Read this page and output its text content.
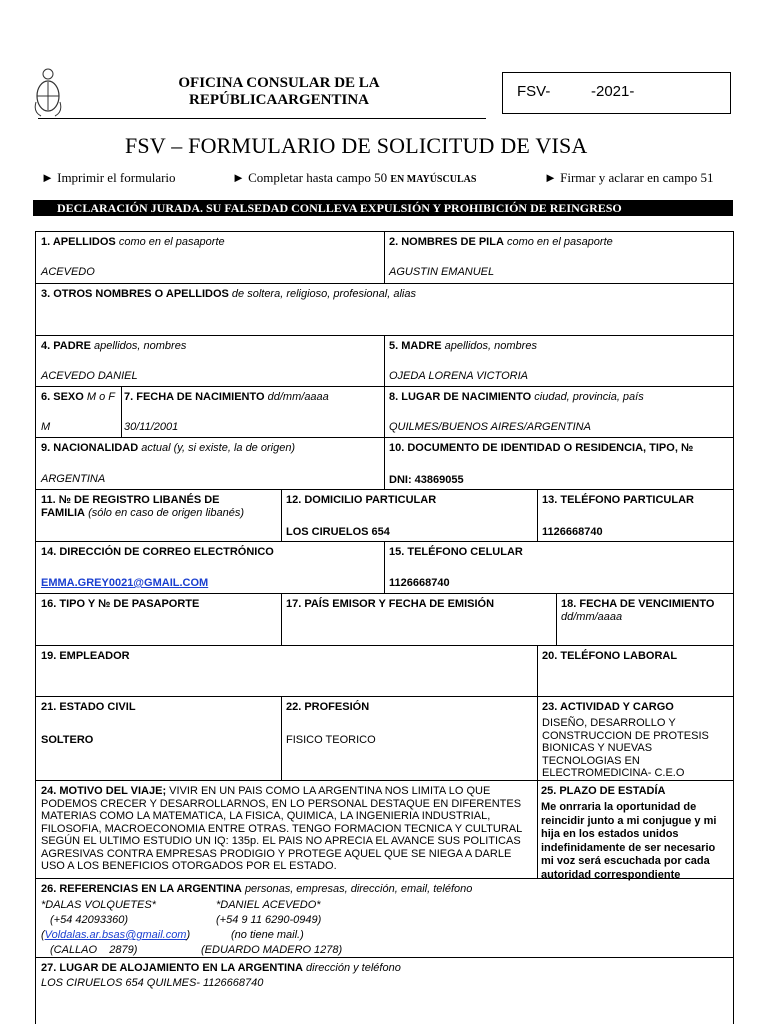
OFICINA CONSULAR DE LA
REPÚBLICAARGENTINA	FSV-	-2021-
FSV – FORMULARIO DE SOLICITUD DE VISA
► Imprimir el formulario	► Completar hasta campo 50 EN MAYÚSCULAS	► Firmar y aclarar en campo 51
DECLARACIÓN JURADA. SU FALSEDAD CONLLEVA EXPULSIÓN Y PROHIBICIÓN DE REINGRESO
1. APELLIDOS como en el pasaporte
ACEVEDO
2. NOMBRES DE PILA como en el pasaporte
AGUSTIN EMANUEL
3. OTROS NOMBRES O APELLIDOS de soltera, religioso, profesional, alias
4. PADRE apellidos, nombres
ACEVEDO DANIEL
5. MADRE apellidos, nombres
OJEDA LORENA VICTORIA
6. SEXO M o F
M
7. FECHA DE NACIMIENTO dd/mm/aaaa
30/11/2001
8. LUGAR DE NACIMIENTO ciudad, provincia, país
QUILMES/BUENOS AIRES/ARGENTINA
9. NACIONALIDAD actual (y, si existe, la de origen)
ARGENTINA
10. DOCUMENTO DE IDENTIDAD O RESIDENCIA, TIPO, №
DNI: 43869055
11. № DE REGISTRO LIBANÉS DE
FAMILIA (sólo en caso de origen libanés)
12. DOMICILIO PARTICULAR
LOS CIRUELOS 654
13. TELÉFONO PARTICULAR
1126668740
14. DIRECCIÓN DE CORREO ELECTRÓNICO
EMMA.GREY0021@GMAIL.COM
15. TELÉFONO CELULAR
1126668740
16. TIPO Y № DE PASAPORTE	17. PAÍS EMISOR Y FECHA DE EMISIÓN	18. FECHA DE VENCIMIENTO
dd/mm/aaaa
19. EMPLEADOR	20. TELÉFONO LABORAL
21. ESTADO CIVIL
SOLTERO
22. PROFESIÓN
FISICO TEORICO
23. ACTIVIDAD Y CARGO
DISEÑO, DESARROLLO Y
CONSTRUCCION DE PROTESIS
BIONICAS Y NUEVAS
TECNOLOGIAS EN
ELECTROMEDICINA- C.E.O
24. MOTIVO DEL VIAJE; VIVIR EN UN PAIS COMO LA ARGENTINA NOS LIMITA LO QUE PODEMOS CRECER Y DESARROLLARNOS, EN LO PERSONAL DESTAQUE EN DIFERENTES MATERIAS COMO LA MATEMATICA, LA FISICA, QUIMICA, LA INGENIERIA INDUSTRIAL, FILOSOFIA, MACROECONOMIA ENTRE OTRAS. TENGO FORMACION TECNICA Y CULTURAL SEGÚN EL ULTIMO ESTUDIO UN IQ: 135p. EL PAIS NO APRECIA EL AVANCE SUS POLITICAS AGRESIVAS CONTRA EMPRESAS PRODIGIO Y PROTEGE AQUEL QUE SE NIEGA A DARLE USO A LOS BENEFICIOS OTORGADOS POR EL ESTADO.
25. PLAZO DE ESTADÍA
Me onrraria la oportunidad de
reincidir junto a mi conjugue y mi
hija en los estados unidos
indefinidamente de ser necesario
mi voz será escuchada por cada
autoridad correspondiente
26. REFERENCIAS EN LA ARGENTINA personas, empresas, dirección, email, teléfono
*DALAS VOLQUETES*	*DANIEL ACEVEDO*
(+54 42093360)	(+54 9 11 6290-0949)
(Voldalas.ar.bsas@gmail.com)	(no tiene mail.)
(CALLAO    2879)	(EDUARDO MADERO 1278)
27. LUGAR DE ALOJAMIENTO EN LA ARGENTINA dirección y teléfono
LOS CIRUELOS 654 QUILMES- 1126668740
